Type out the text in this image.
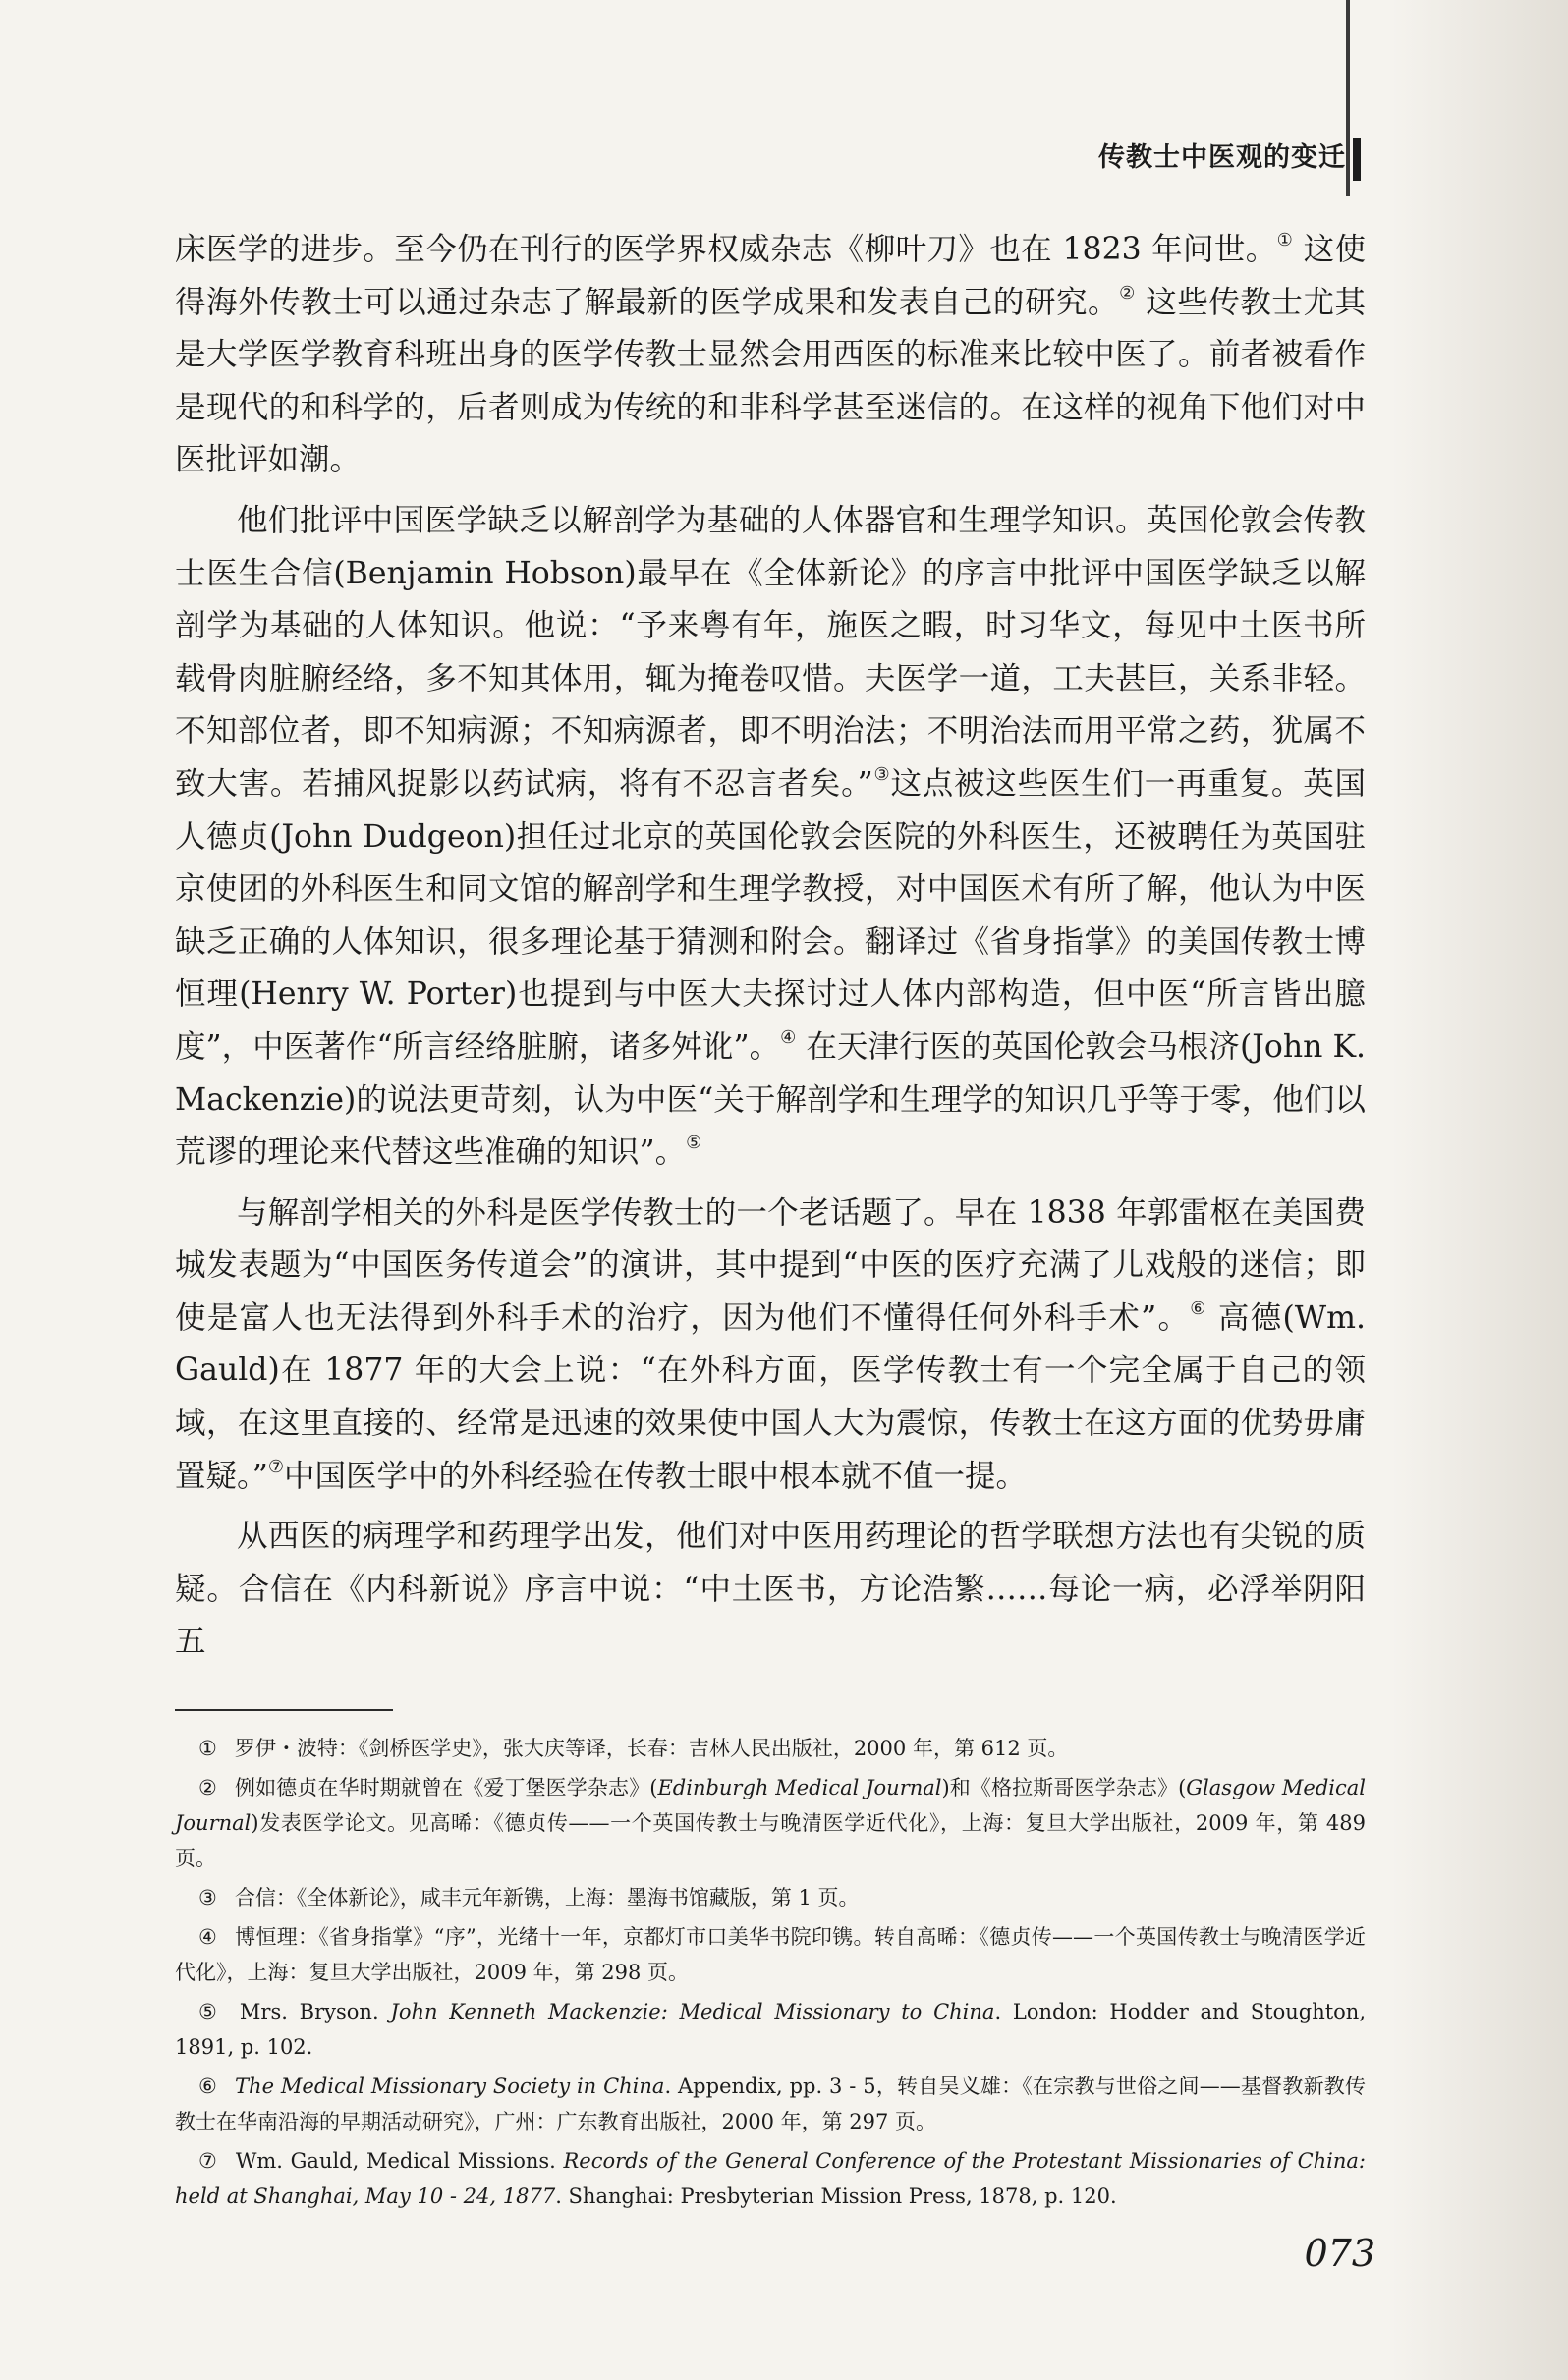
传教士中医观的变迁

床医学的进步。至今仍在刊行的医学界权威杂志《柳叶刀》也在 1823 年问世。① 这使得海外传教士可以通过杂志了解最新的医学成果和发表自己的研究。② 这些传教士尤其是大学医学教育科班出身的医学传教士显然会用西医的标准来比较中医了。前者被看作是现代的和科学的，后者则成为传统的和非科学甚至迷信的。在这样的视角下他们对中医批评如潮。

他们批评中国医学缺乏以解剖学为基础的人体器官和生理学知识。英国伦敦会传教士医生合信(Benjamin Hobson)最早在《全体新论》的序言中批评中国医学缺乏以解剖学为基础的人体知识。他说：“予来粤有年，施医之暇，时习华文，每见中土医书所载骨肉脏腑经络，多不知其体用，辄为掩卷叹惜。夫医学一道，工夫甚巨，关系非轻。不知部位者，即不知病源；不知病源者，即不明治法；不明治法而用平常之药，犹属不致大害。若捕风捉影以药试病，将有不忍言者矣。”③这点被这些医生们一再重复。英国人德贞(John Dudgeon)担任过北京的英国伦敦会医院的外科医生，还被聘任为英国驻京使团的外科医生和同文馆的解剖学和生理学教授，对中国医术有所了解，他认为中医缺乏正确的人体知识，很多理论基于猜测和附会。翻译过《省身指掌》的美国传教士博恒理(Henry W. Porter)也提到与中医大夫探讨过人体内部构造，但中医“所言皆出臆度”，中医著作“所言经络脏腑，诸多舛讹”。④ 在天津行医的英国伦敦会马根济(John K. Mackenzie)的说法更苛刻，认为中医“关于解剖学和生理学的知识几乎等于零，他们以荒谬的理论来代替这些准确的知识”。⑤

与解剖学相关的外科是医学传教士的一个老话题了。早在 1838 年郭雷枢在美国费城发表题为“中国医务传道会”的演讲，其中提到“中医的医疗充满了儿戏般的迷信；即使是富人也无法得到外科手术的治疗，因为他们不懂得任何外科手术”。⑥ 高德(Wm. Gauld)在 1877 年的大会上说：“在外科方面，医学传教士有一个完全属于自己的领域，在这里直接的、经常是迅速的效果使中国人大为震惊，传教士在这方面的优势毋庸置疑。”⑦中国医学中的外科经验在传教士眼中根本就不值一提。

从西医的病理学和药理学出发，他们对中医用药理论的哲学联想方法也有尖锐的质疑。合信在《内科新说》序言中说：“中土医书，方论浩繁……每论一病，必浮举阴阳五

① 罗伊・波特：《剑桥医学史》，张大庆等译，长春：吉林人民出版社，2000 年，第 612 页。

② 例如德贞在华时期就曾在《爱丁堡医学杂志》(Edinburgh Medical Journal)和《格拉斯哥医学杂志》(Glasgow Medical Journal)发表医学论文。见高晞：《德贞传——一个英国传教士与晚清医学近代化》，上海：复旦大学出版社，2009 年，第 489 页。

③ 合信：《全体新论》，咸丰元年新镌，上海：墨海书馆藏版，第 1 页。

④ 博恒理：《省身指掌》“序”，光绪十一年，京都灯市口美华书院印镌。转自高晞：《德贞传——一个英国传教士与晚清医学近代化》，上海：复旦大学出版社，2009 年，第 298 页。

⑤ Mrs. Bryson. John Kenneth Mackenzie: Medical Missionary to China. London: Hodder and Stoughton, 1891, p. 102.

⑥ The Medical Missionary Society in China. Appendix, pp. 3 - 5，转自吴义雄：《在宗教与世俗之间——基督教新教传教士在华南沿海的早期活动研究》，广州：广东教育出版社，2000 年，第 297 页。

⑦ Wm. Gauld, Medical Missions. Records of the General Conference of the Protestant Missionaries of China: held at Shanghai, May 10 - 24, 1877. Shanghai: Presbyterian Mission Press, 1878, p. 120.

073
